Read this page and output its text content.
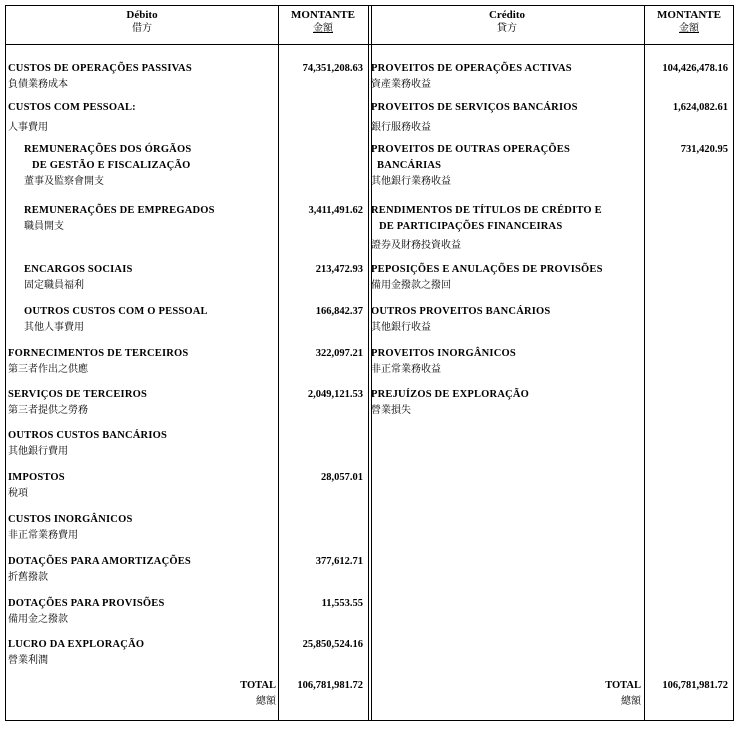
Débito
借方
MONTANTE
金額
Crédito
貸方
MONTANTE
金額
CUSTOS DE OPERAÇÕES PASSIVAS
負債業務成本
74,351,208.63
CUSTOS COM PESSOAL:
人事費用
REMUNERAÇÕES DOS ÓRGÃOS
DE GESTÃO E FISCALIZAÇÃO
董事及監察會開支
REMUNERAÇÕES DE EMPREGADOS
職員開支
3,411,491.62
ENCARGOS SOCIAIS
固定職員福利
213,472.93
OUTROS CUSTOS COM O PESSOAL
其他人事費用
166,842.37
FORNECIMENTOS DE TERCEIROS
第三者作出之供應
322,097.21
SERVIÇOS DE TERCEIROS
第三者提供之勞務
2,049,121.53
OUTROS CUSTOS BANCÁRIOS
其他銀行費用
IMPOSTOS
稅項
28,057.01
CUSTOS INORGÂNICOS
非正常業務費用
DOTAÇÕES PARA AMORTIZAÇÕES
折舊撥款
377,612.71
DOTAÇÕES PARA PROVISÕES
備用金之撥款
11,553.55
LUCRO DA EXPLORAÇÃO
營業利潤
25,850,524.16
TOTAL
總額
106,781,981.72
PROVEITOS DE OPERAÇÕES ACTIVAS
資產業務收益
104,426,478.16
PROVEITOS DE SERVIÇOS BANCÁRIOS
銀行服務收益
1,624,082.61
PROVEITOS DE OUTRAS OPERAÇÕES
BANCÁRIAS
其他銀行業務收益
731,420.95
RENDIMENTOS DE TÍTULOS DE CRÉDITO E
DE PARTICIPAÇÕES FINANCEIRAS
證券及財務投資收益
PEPOSIÇÕES E ANULAÇÕES DE PROVISÕES
備用金撥款之撥回
OUTROS PROVEITOS BANCÁRIOS
其他銀行收益
PROVEITOS INORGÂNICOS
非正常業務收益
PREJUÍZOS DE EXPLORAÇÃO
營業損失
TOTAL
總額
106,781,981.72
